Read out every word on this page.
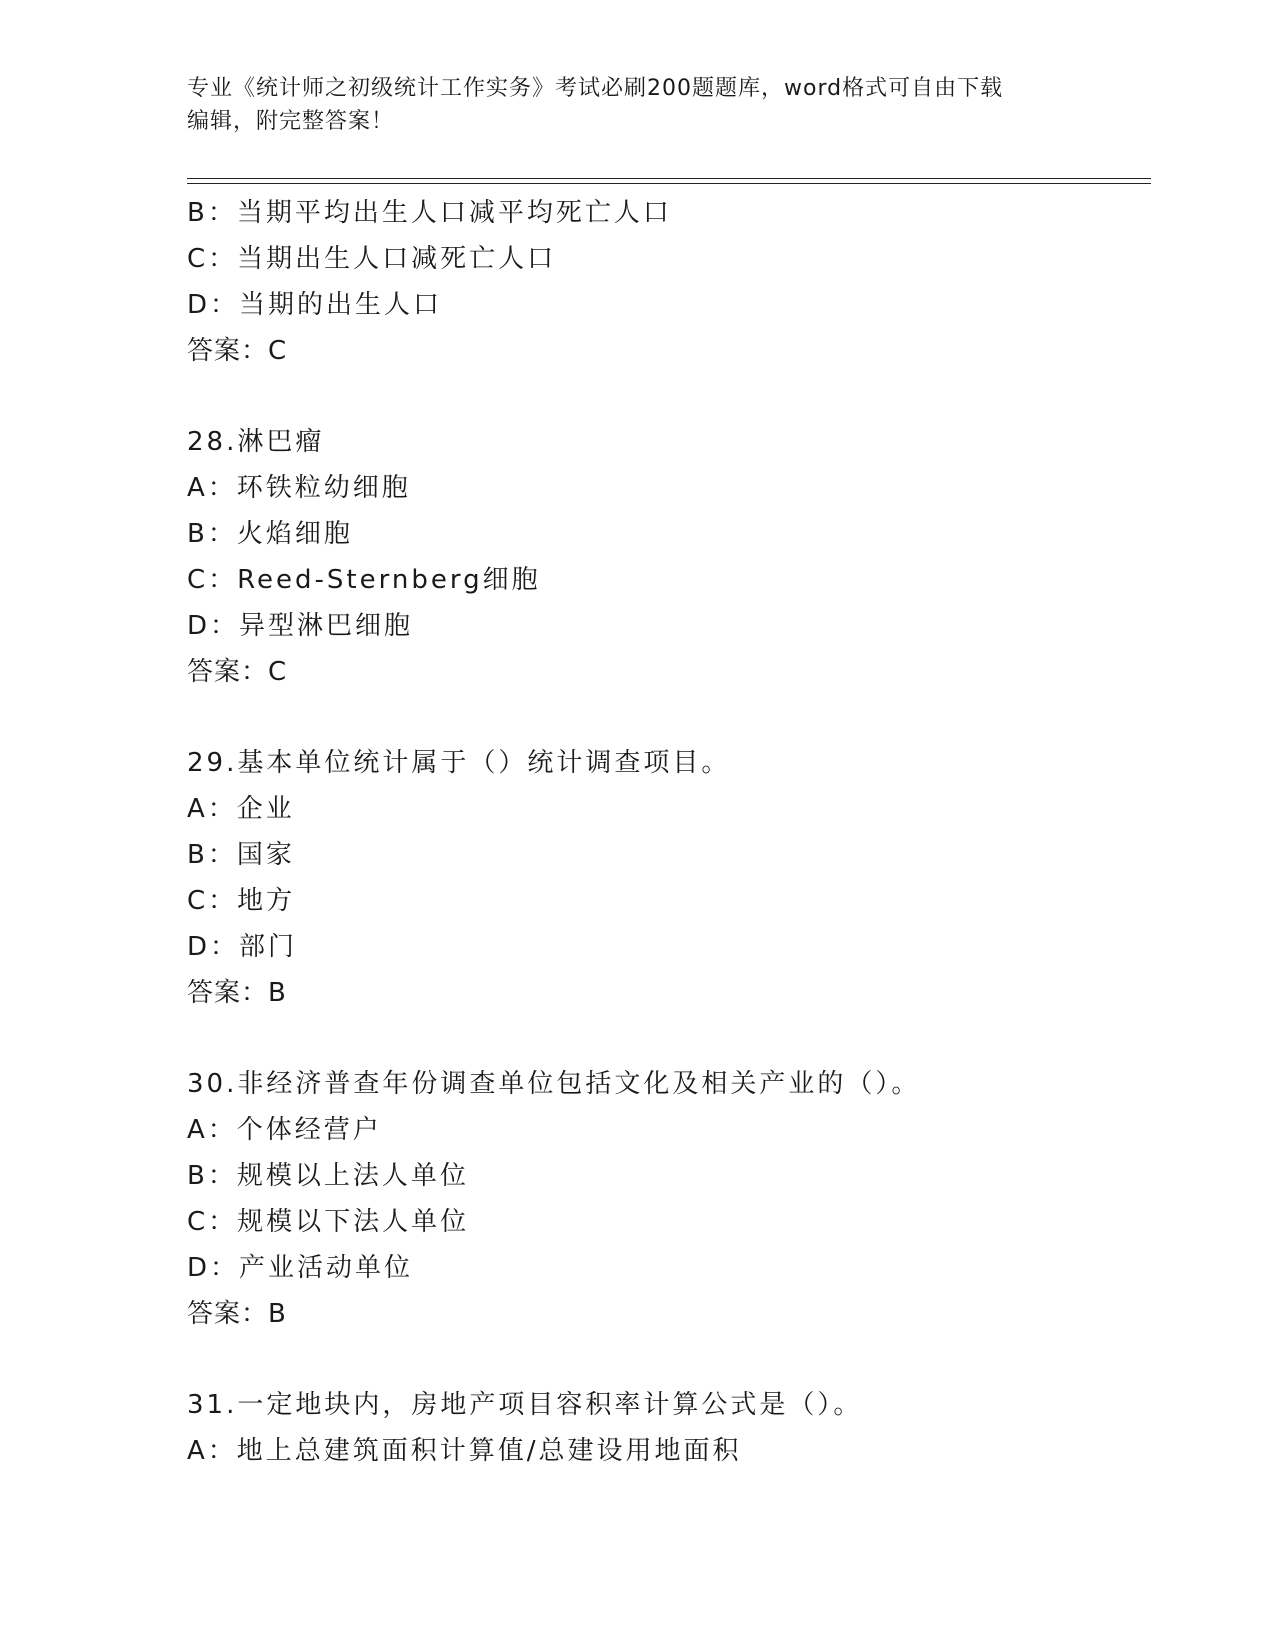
专业《统计师之初级统计工作实务》考试必刷200题题库，word格式可自由下载
编辑，附完整答案！
B：当期平均出生人口减平均死亡人口
C：当期出生人口减死亡人口
D：当期的出生人口
答案：C
28.淋巴瘤
A：环铁粒幼细胞
B：火焰细胞
C：Reed-Sternberg细胞
D：异型淋巴细胞
答案：C
29.基本单位统计属于（）统计调查项目。
A：企业
B：国家
C：地方
D：部门
答案：B
30.非经济普查年份调查单位包括文化及相关产业的（）。
A：个体经营户
B：规模以上法人单位
C：规模以下法人单位
D：产业活动单位
答案：B
31.一定地块内，房地产项目容积率计算公式是（）。
A：地上总建筑面积计算值/总建设用地面积
